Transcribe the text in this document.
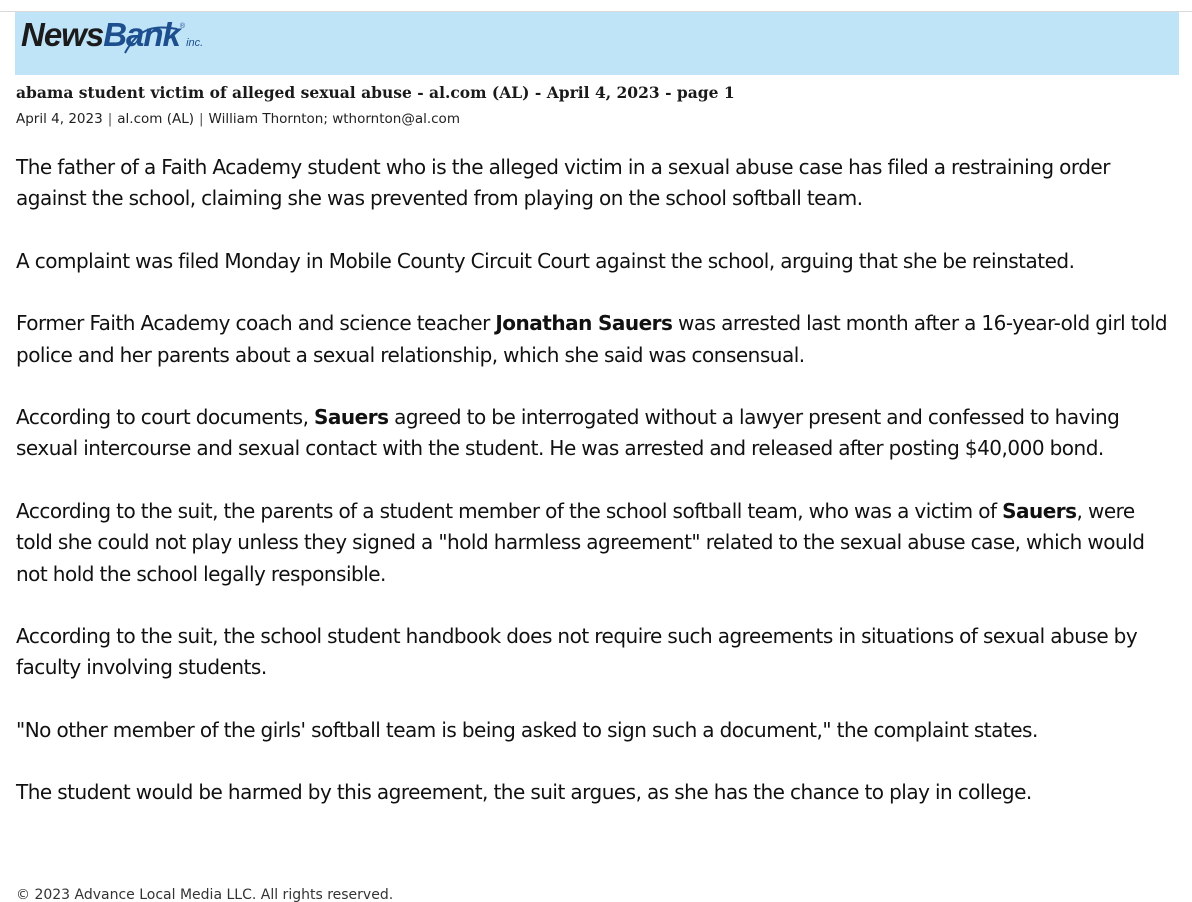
NewsBank®inc.
abama student victim of alleged sexual abuse - al.com (AL) - April 4, 2023 - page 1
April 4, 2023 | al.com (AL) | William Thornton; wthornton@al.com

The father of a Faith Academy student who is the alleged victim in a sexual abuse case has filed a restraining order against the school, claiming she was prevented from playing on the school softball team.

A complaint was filed Monday in Mobile County Circuit Court against the school, arguing that she be reinstated.

Former Faith Academy coach and science teacher Jonathan Sauers was arrested last month after a 16-year-old girl told police and her parents about a sexual relationship, which she said was consensual.

According to court documents, Sauers agreed to be interrogated without a lawyer present and confessed to having sexual intercourse and sexual contact with the student. He was arrested and released after posting $40,000 bond.

According to the suit, the parents of a student member of the school softball team, who was a victim of Sauers, were told she could not play unless they signed a "hold harmless agreement" related to the sexual abuse case, which would not hold the school legally responsible.

According to the suit, the school student handbook does not require such agreements in situations of sexual abuse by faculty involving students.

"No other member of the girls' softball team is being asked to sign such a document," the complaint states.

The student would be harmed by this agreement, the suit argues, as she has the chance to play in college.

© 2023 Advance Local Media LLC. All rights reserved.
